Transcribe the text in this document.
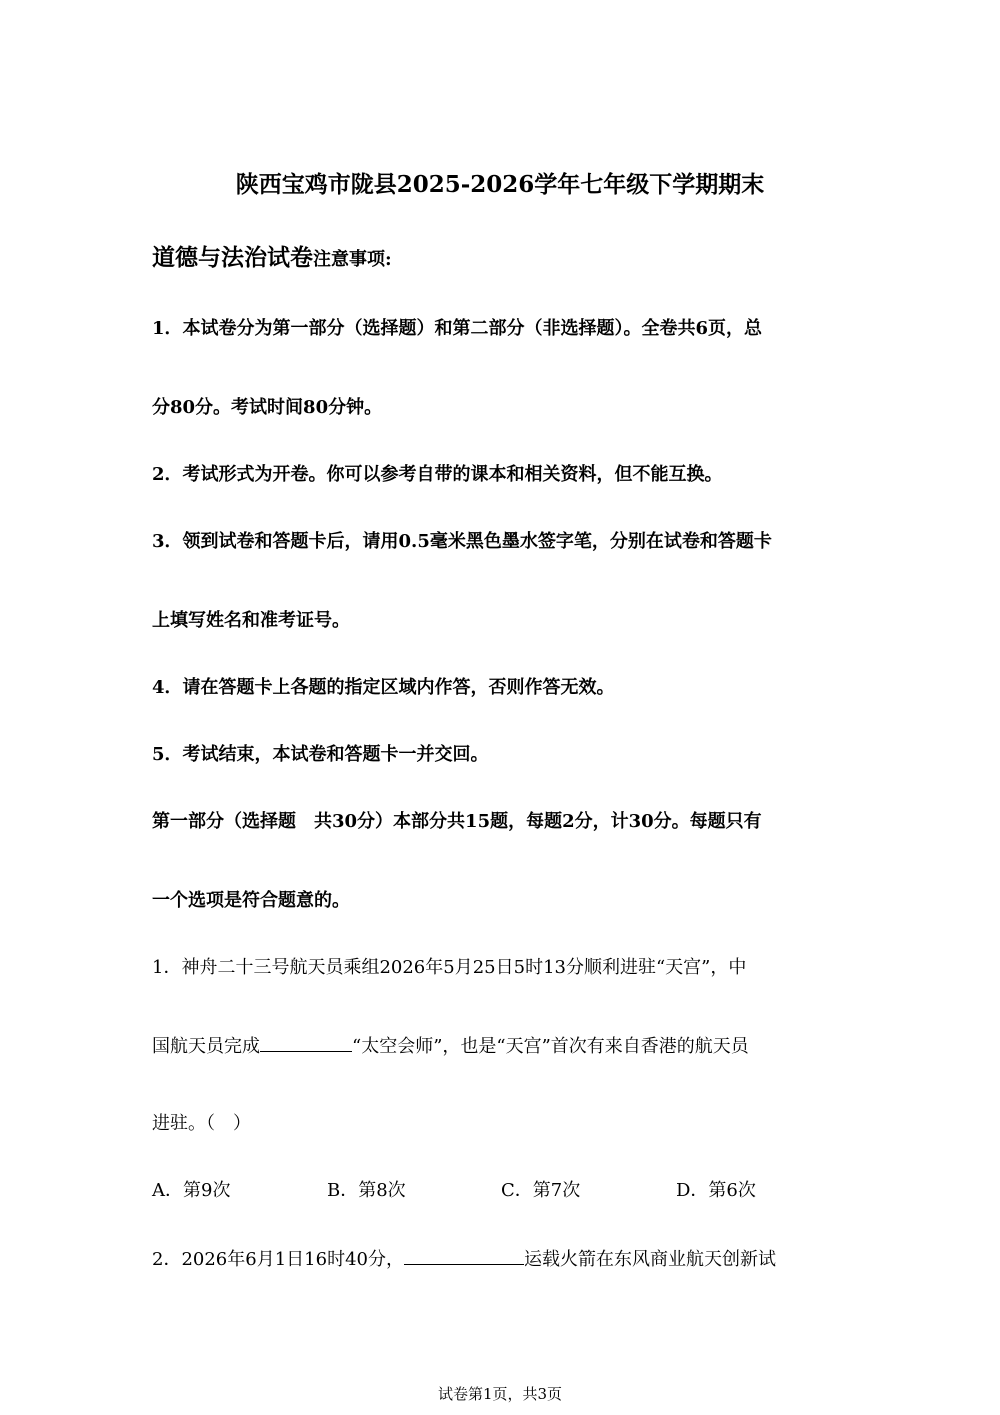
陕西宝鸡市陇县2025-2026学年七年级下学期期末
道德与法治试卷注意事项:
1．本试卷分为第一部分（选择题）和第二部分（非选择题）。全卷共6页，总
分80分。考试时间80分钟。
2．考试形式为开卷。你可以参考自带的课本和相关资料，但不能互换。
3．领到试卷和答题卡后，请用0.5毫米黑色墨水签字笔，分别在试卷和答题卡
上填写姓名和准考证号。
4．请在答题卡上各题的指定区域内作答，否则作答无效。
5．考试结束，本试卷和答题卡一并交回。
第一部分（选择题　共30分）本部分共15题，每题2分，计30分。每题只有
一个选项是符合题意的。
1．神舟二十三号航天员乘组2026年5月25日5时13分顺利进驻“天宫”，中
国航天员完成	“太空会师”，也是“天宫”首次有来自香港的航天员
进驻。（　）
A．第9次	B．第8次	C．第7次	D．第6次
2．2026年6月1日16时40分，	运载火箭在东风商业航天创新试
试卷第1页，共3页
